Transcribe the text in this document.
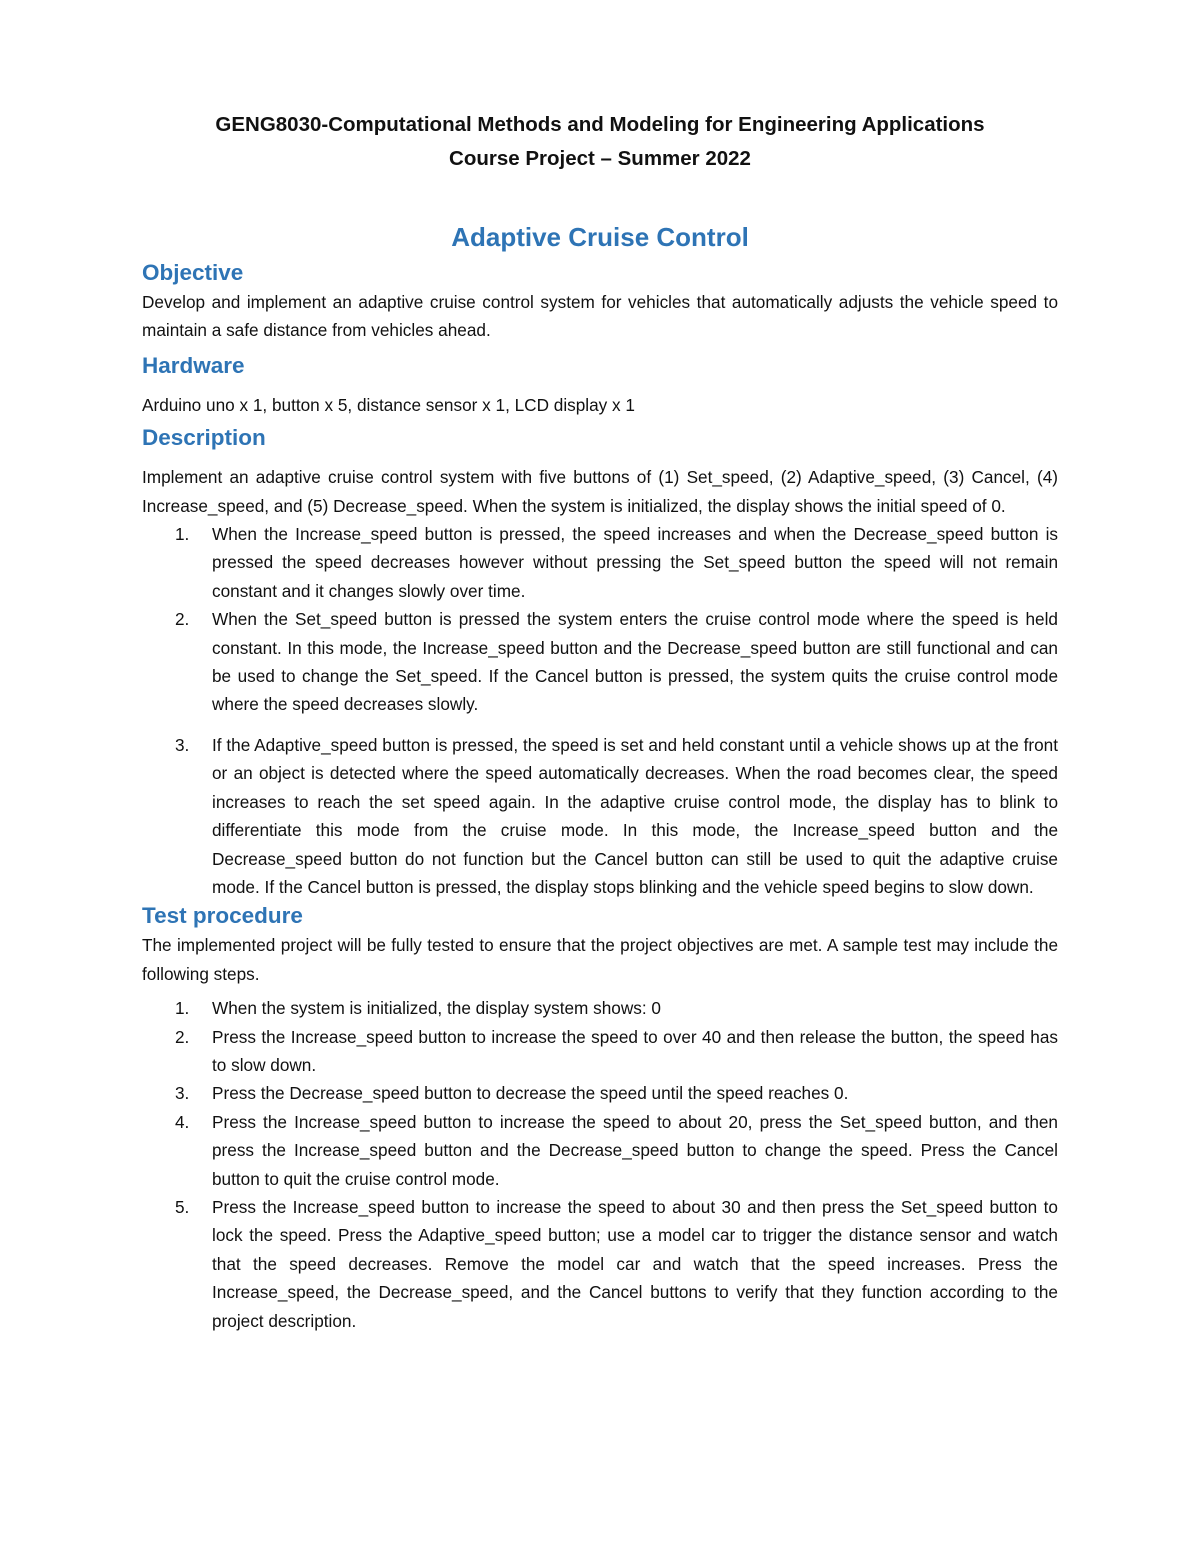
GENG8030-Computational Methods and Modeling for Engineering Applications
Course Project – Summer 2022
Adaptive Cruise Control
Objective

Develop and implement an adaptive cruise control system for vehicles that automatically adjusts the vehicle speed to maintain a safe distance from vehicles ahead.

Hardware

Arduino uno x 1, button x 5, distance sensor x 1, LCD display x 1

Description

Implement an adaptive cruise control system with five buttons of (1) Set_speed, (2) Adaptive_speed, (3) Cancel, (4) Increase_speed, and (5) Decrease_speed. When the system is initialized, the display shows the initial speed of 0.

1. When the Increase_speed button is pressed, the speed increases and when the Decrease_speed button is pressed the speed decreases however without pressing the Set_speed button the speed will not remain constant and it changes slowly over time.
2. When the Set_speed button is pressed the system enters the cruise control mode where the speed is held constant. In this mode, the Increase_speed button and the Decrease_speed button are still functional and can be used to change the Set_speed. If the Cancel button is pressed, the system quits the cruise control mode where the speed decreases slowly.
3. If the Adaptive_speed button is pressed, the speed is set and held constant until a vehicle shows up at the front or an object is detected where the speed automatically decreases. When the road becomes clear, the speed increases to reach the set speed again. In the adaptive cruise control mode, the display has to blink to differentiate this mode from the cruise mode. In this mode, the Increase_speed button and the Decrease_speed button do not function but the Cancel button can still be used to quit the adaptive cruise mode. If the Cancel button is pressed, the display stops blinking and the vehicle speed begins to slow down.
Test procedure

The implemented project will be fully tested to ensure that the project objectives are met. A sample test may include the following steps.

1. When the system is initialized, the display system shows: 0
2. Press the Increase_speed button to increase the speed to over 40 and then release the button, the speed has to slow down.
3. Press the Decrease_speed button to decrease the speed until the speed reaches 0.
4. Press the Increase_speed button to increase the speed to about 20, press the Set_speed button, and then press the Increase_speed button and the Decrease_speed button to change the speed. Press the Cancel button to quit the cruise control mode.
5. Press the Increase_speed button to increase the speed to about 30 and then press the Set_speed button to lock the speed. Press the Adaptive_speed button; use a model car to trigger the distance sensor and watch that the speed decreases. Remove the model car and watch that the speed increases. Press the Increase_speed, the Decrease_speed, and the Cancel buttons to verify that they function according to the project description.
